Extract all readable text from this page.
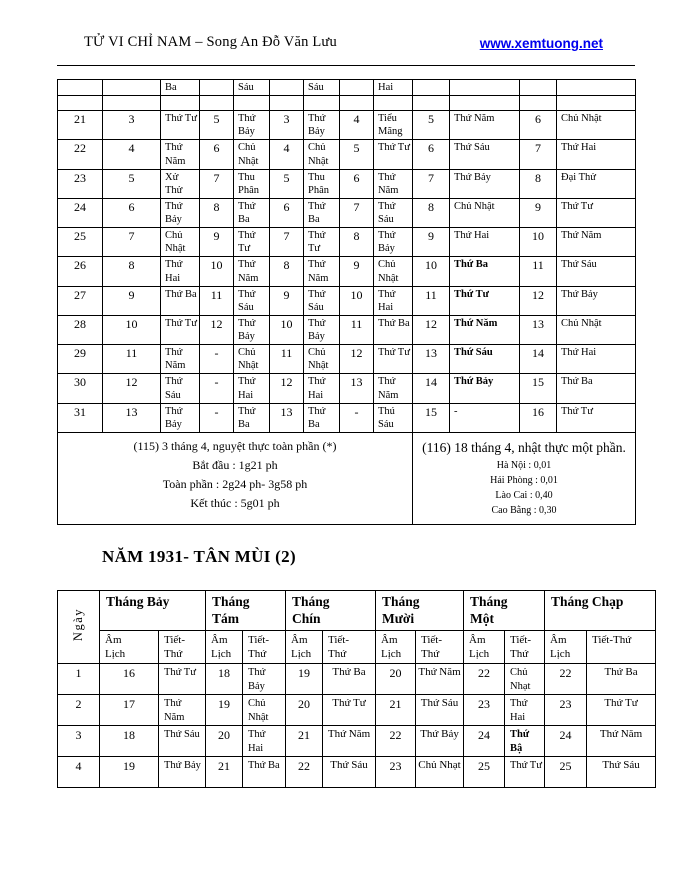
TỬ VI CHỈ NAM – Song An Đỗ Văn Lưu	www.xemtuong.net
		Ba		Sáu		Sáu		Hai				

21	3	Thứ Tư	5	Thứ Bảy	3	Thứ Bảy	4	Tiểu Mãng	5	Thứ Năm	6	Chủ Nhật
22	4	Thứ Năm	6	Chủ Nhật	4	Chủ Nhật	5	Thứ Tư	6	Thứ Sáu	7	Thứ Hai
23	5	Xử Thử	7	Thu Phân	5	Thu Phân	6	Thứ Năm	7	Thứ Bảy	8	Đại Thử
24	6	Thứ Bảy	8	Thứ Ba	6	Thứ Ba	7	Thứ Sáu	8	Chủ Nhật	9	Thứ Tư
25	7	Chủ Nhật	9	Thứ Tư	7	Thứ Tư	8	Thứ Bảy	9	Thứ Hai	10	Thứ Năm
26	8	Thứ Hai	10	Thứ Năm	8	Thứ Năm	9	Chủ Nhật	10	Thứ Ba	11	Thứ Sáu
27	9	Thứ Ba	11	Thứ Sáu	9	Thứ Sáu	10	Thứ Hai	11	Thứ Tư	12	Thứ Bảy
28	10	Thứ Tư	12	Thứ Bảy	10	Thứ Bảy	11	Thứ Ba	12	Thứ Năm	13	Chủ Nhật
29	11	Thứ Năm	-	Chủ Nhật	11	Chủ Nhật	12	Thứ Tư	13	Thứ Sáu	14	Thứ Hai
30	12	Thứ Sáu	-	Thứ Hai	12	Thứ Hai	13	Thứ Năm	14	Thứ Bảy	15	Thứ Ba
31	13	Thứ Bảy	-	Thứ Ba	13	Thứ Ba	-	Thú Sáu	15	-	16	Thứ Tư

(115) 3 tháng 4, nguyệt thực toàn phần (*)
Bắt đầu : 1g21 ph
Toàn phần : 2g24 ph- 3g58 ph
Kết thúc : 5g01 ph

(116) 18 tháng 4, nhật thực một phần.
Hà Nội : 0,01
Hải Phòng : 0,01
Lào Cai : 0,40
Cao Bằng : 0,30
NĂM 1931- TÂN MÙI (2)
Ngày	Tháng Bảy		Tháng Tám		Tháng Chín		Tháng Mười		Tháng Một		Tháng Chạp	
	Âm Lịch	Tiết-Thứ	Âm Lịch	Tiết-Thứ	Âm Lịch	Tiết-Thứ	Âm Lịch	Tiết-Thứ	Âm Lịch	Tiết-Thứ	Âm Lịch	Tiết-Thứ
1	16	Thứ Tư	18	Thứ Bảy	19	Thứ Ba	20	Thứ Năm	22	Chủ Nhạt	22	Thứ Ba
2	17	Thứ Năm	19	Chủ Nhật	20	Thứ Tư	21	Thứ Sáu	23	Thứ Hai	23	Thứ Tư
3	18	Thứ Sáu	20	Thứ Hai	21	Thứ Năm	22	Thứ Bảy	24	Thứ Bậ	24	Thứ Năm
4	19	Thứ Bảy	21	Thứ Ba	22	Thứ Sáu	23	Chủ Nhạt	25	Thứ Tư	25	Thứ Sáu
